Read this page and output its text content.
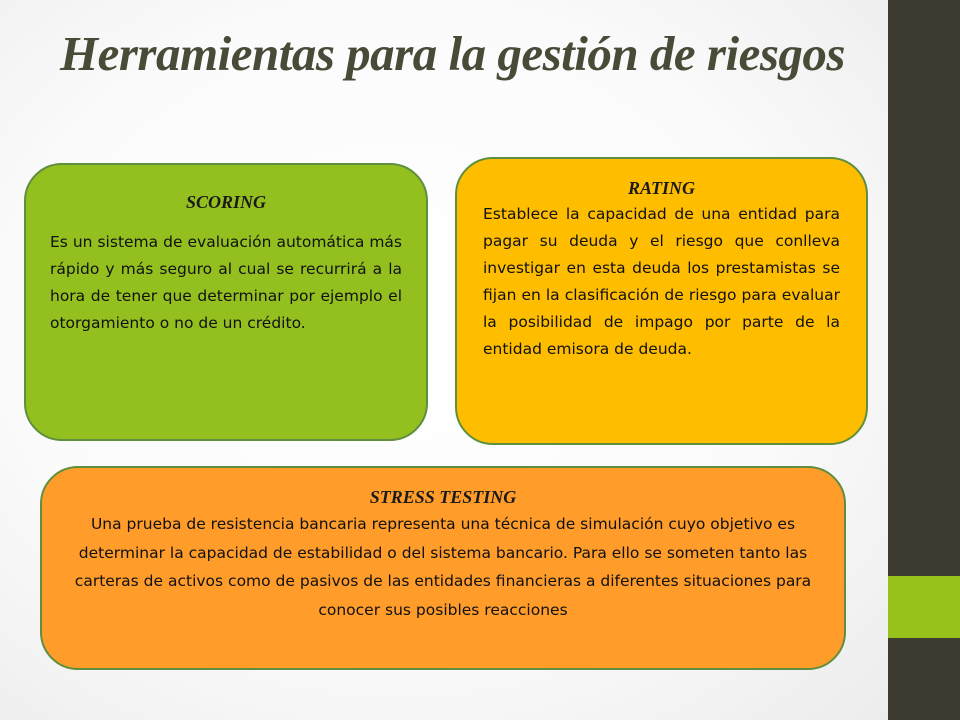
Herramientas para la gestión de riesgos

SCORING

Es un sistema de evaluación automática más rápido y más seguro al cual se recurrirá a la hora de tener que determinar por ejemplo el otorgamiento o no de un crédito.

RATING

Establece la capacidad de una entidad para pagar su deuda y el riesgo que conlleva investigar en esta deuda los prestamistas se fijan en la clasificación de riesgo para evaluar la posibilidad de impago por parte de la entidad emisora de deuda.

STRESS TESTING

Una prueba de resistencia bancaria representa una técnica de simulación cuyo objetivo es determinar la capacidad de estabilidad o del sistema bancario. Para ello se someten tanto las carteras de activos como de pasivos de las entidades financieras a diferentes situaciones para conocer sus posibles reacciones
